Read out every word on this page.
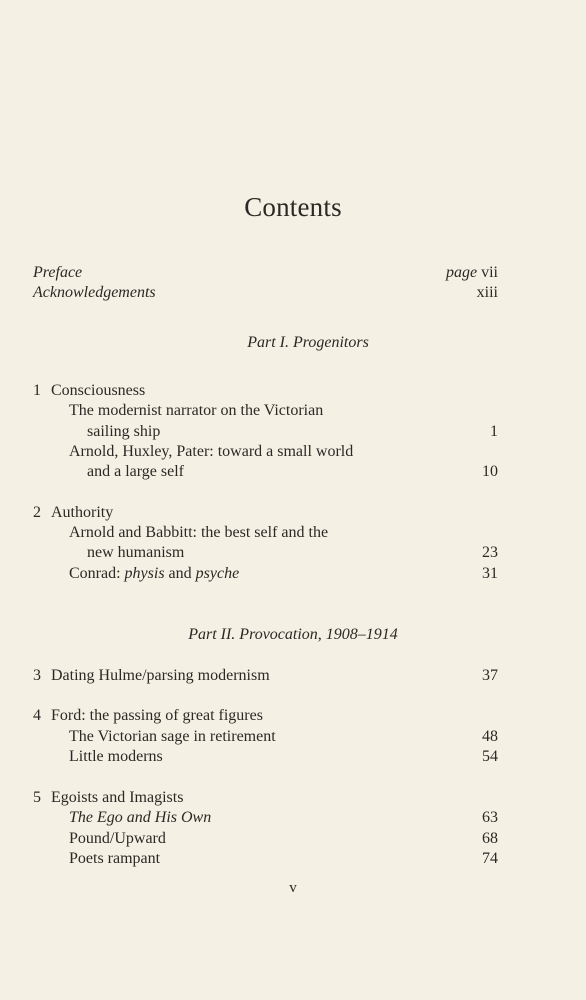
Contents
Preface	page vii
Acknowledgements	xiii
Part I. Progenitors
1 Consciousness
The modernist narrator on the Victorian
sailing ship	1
Arnold, Huxley, Pater: toward a small world
and a large self	10
2 Authority
Arnold and Babbitt: the best self and the
new humanism	23
Conrad: physis and psyche	31
Part II. Provocation, 1908–1914
3 Dating Hulme/parsing modernism	37
4 Ford: the passing of great figures
The Victorian sage in retirement	48
Little moderns	54
5 Egoists and Imagists
The Ego and His Own	63
Pound/Upward	68
Poets rampant	74
v
